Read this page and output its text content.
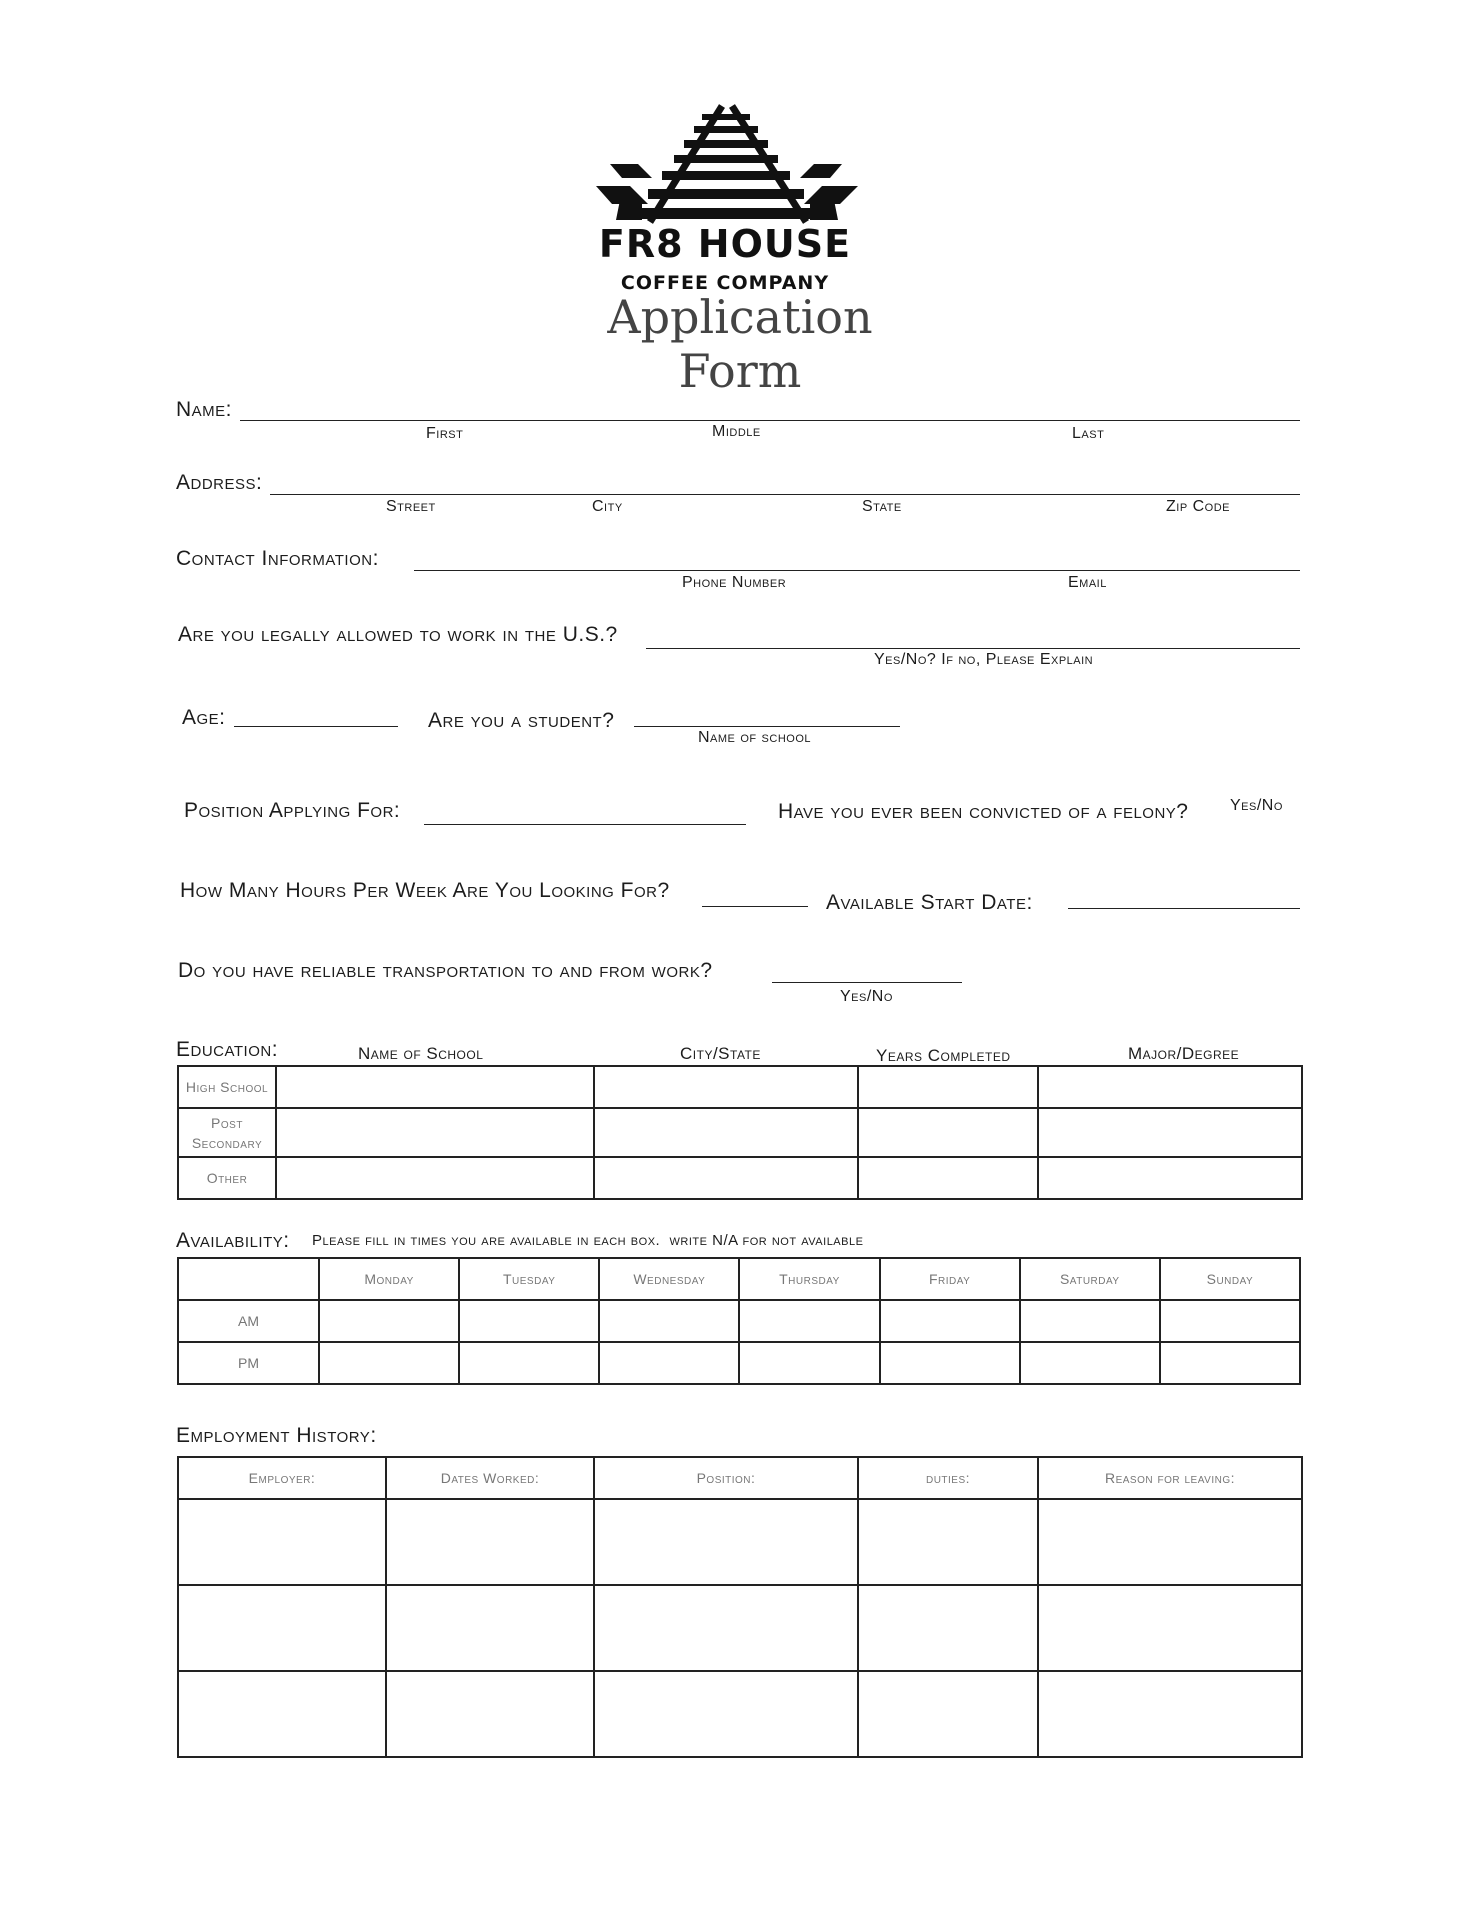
FR8 HOUSE
COFFEE COMPANY
Application Form
Name:
First	Middle	Last
Address:
Street	City	State	Zip Code
Contact Information:
Phone Number	Email
Are you legally allowed to work in the U.S.?
Yes/No? If no, Please Explain
Age:	Are you a student?
Name of school
Position Applying For:	Have you ever been convicted of a felony?	Yes/No
How Many Hours Per Week Are You Looking For?
Available Start Date:
Do you have reliable transportation to and from work?
Yes/No
Education:	Name of School	City/State	Years Completed	Major/Degree
High School				
Post Secondary				
Other				
Availability: Please fill in times you are available in each box.  write N/A for not available
	Monday	Tuesday	Wednesday	Thursday	Friday	Saturday	Sunday
AM							
PM							
Employment History:
Employer:	Dates Worked:	Position:	duties:	Reason for leaving:
